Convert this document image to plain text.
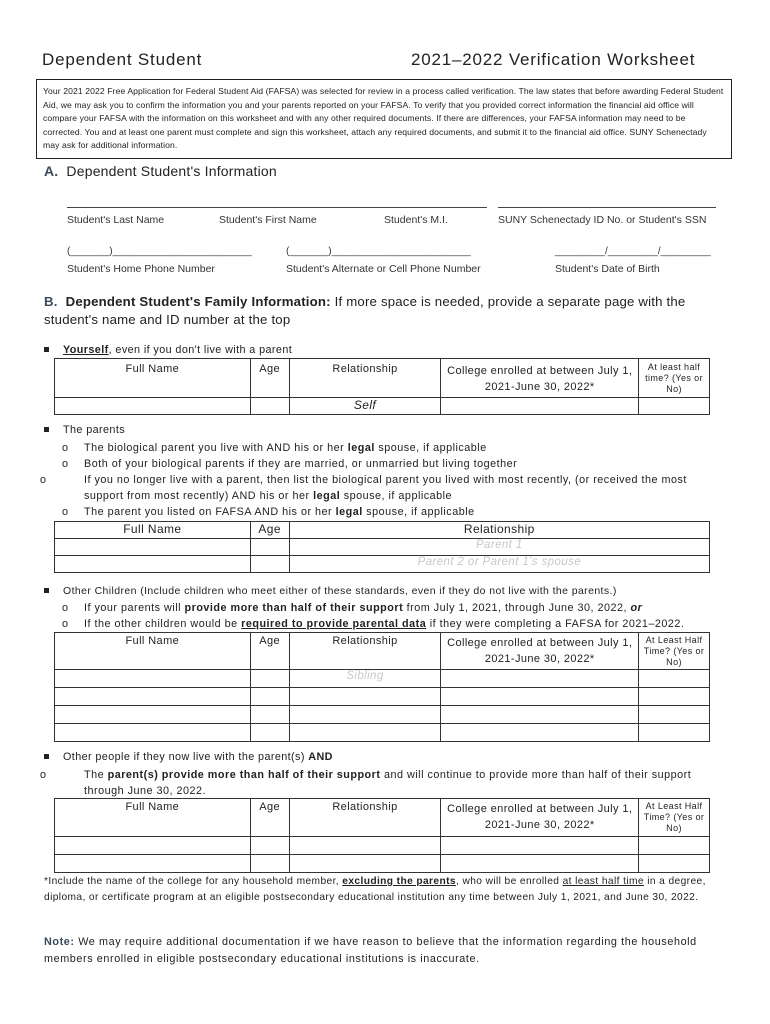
Dependent Student	2021–2022 Verification Worksheet
Your 2021 2022 Free Application for Federal Student Aid (FAFSA) was selected for review in a process called verification. The law states that before awarding Federal Student Aid, we may ask you to confirm the information you and your parents reported on your FAFSA. To verify that you provided correct information the financial aid office will compare your FAFSA with the information on this worksheet and with any other required documents. If there are differences, your FAFSA information may need to be corrected. You and at least one parent must complete and sign this worksheet, attach any required documents, and submit it to the financial aid office. SUNY Schenectady may ask for additional information.
A. Dependent Student's Information
Student's Last Name	Student's First Name	Student's M.I.	SUNY Schenectady ID No. or Student's SSN
(_______)_________________________	(_______)_________________________	_________/_________/_________
Student's Home Phone Number	Student's Alternate or Cell Phone Number	Student's Date of Birth
B. Dependent Student's Family Information: If more space is needed, provide a separate page with the student's name and ID number at the top
Yourself, even if you don't live with a parent
Full Name	Age	Relationship	College enrolled at between July 1, 2021-June 30, 2022*	At least half time? (Yes or No)
		Self		
The parents
o The biological parent you live with AND his or her legal spouse, if applicable
o Both of your biological parents if they are married, or unmarried but living together
o	If you no longer live with a parent, then list the biological parent you lived with most recently, (or received the most support from most recently) AND his or her legal spouse, if applicable
o The parent you listed on FAFSA AND his or her legal spouse, if applicable
Full Name	Age	Relationship
		Parent 1
		Parent 2 or Parent 1's spouse
Other Children (Include children who meet either of these standards, even if they do not live with the parents.)
o If your parents will provide more than half of their support from July 1, 2021, through June 30, 2022, or
o If the other children would be required to provide parental data if they were completing a FAFSA for 2021–2022.
Full Name	Age	Relationship	College enrolled at between July 1, 2021-June 30, 2022*	At Least Half Time? (Yes or No)
		Sibling		

Other people if they now live with the parent(s) AND
o	The parent(s) provide more than half of their support and will continue to provide more than half of their support through June 30, 2022.
Full Name	Age	Relationship	College enrolled at between July 1, 2021-June 30, 2022*	At Least Half Time? (Yes or No)

*Include the name of the college for any household member, excluding the parents, who will be enrolled at least half time in a degree, diploma, or certificate program at an eligible postsecondary educational institution any time between July 1, 2021, and June 30, 2022.
Note: We may require additional documentation if we have reason to believe that the information regarding the household members enrolled in eligible postsecondary educational institutions is inaccurate.
